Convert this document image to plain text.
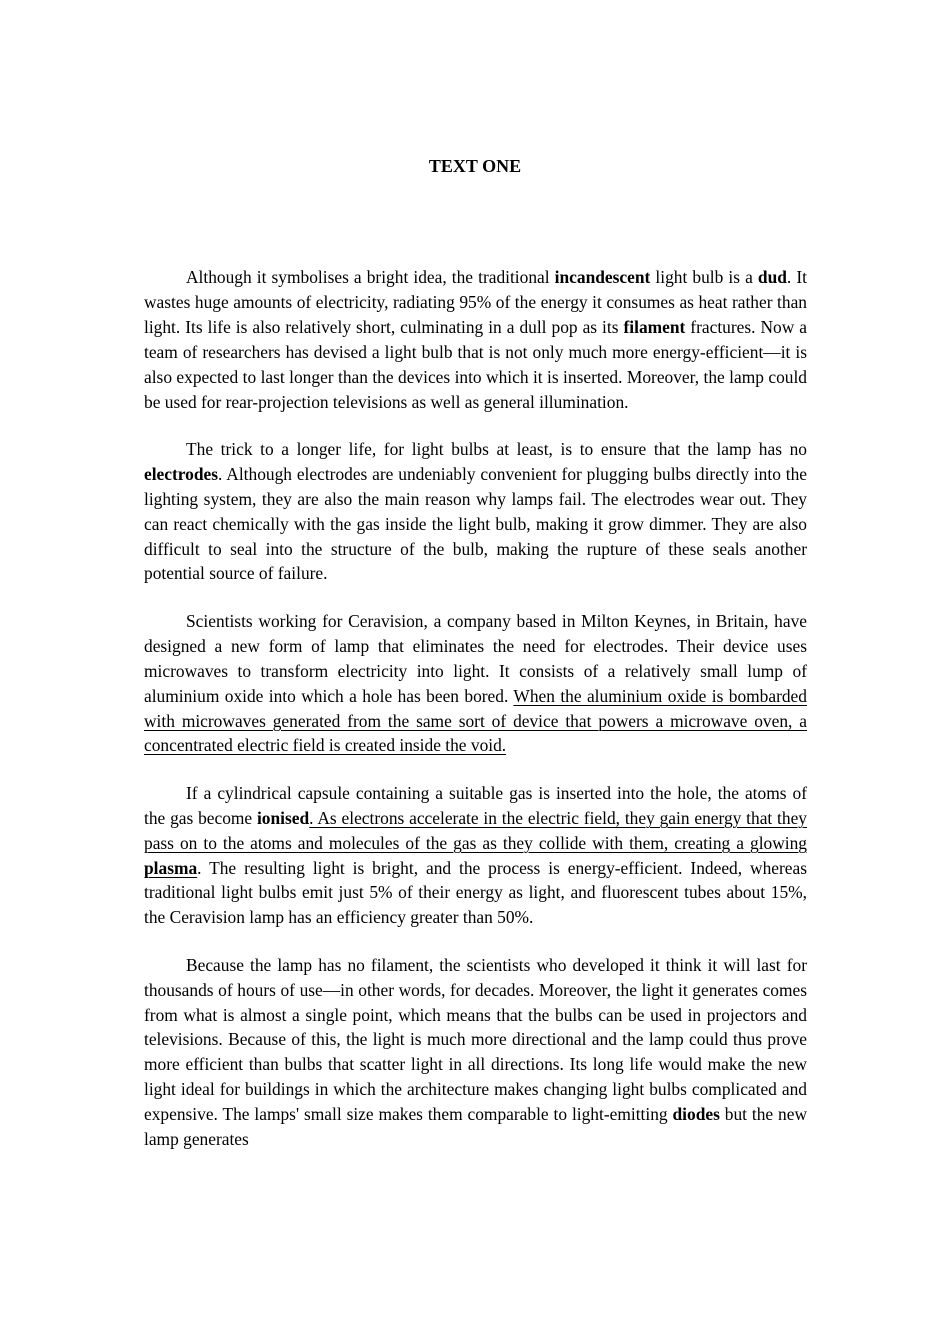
TEXT ONE

Although it symbolises a bright idea, the traditional incandescent light bulb is a dud. It wastes huge amounts of electricity, radiating 95% of the energy it consumes as heat rather than light. Its life is also relatively short, culminating in a dull pop as its filament fractures. Now a team of researchers has devised a light bulb that is not only much more energy-efficient—it is also expected to last longer than the devices into which it is inserted. Moreover, the lamp could be used for rear-projection televisions as well as general illumination.

The trick to a longer life, for light bulbs at least, is to ensure that the lamp has no electrodes. Although electrodes are undeniably convenient for plugging bulbs directly into the lighting system, they are also the main reason why lamps fail. The electrodes wear out. They can react chemically with the gas inside the light bulb, making it grow dimmer. They are also difficult to seal into the structure of the bulb, making the rupture of these seals another potential source of failure.

Scientists working for Ceravision, a company based in Milton Keynes, in Britain, have designed a new form of lamp that eliminates the need for electrodes. Their device uses microwaves to transform electricity into light. It consists of a relatively small lump of aluminium oxide into which a hole has been bored. When the aluminium oxide is bombarded with microwaves generated from the same sort of device that powers a microwave oven, a concentrated electric field is created inside the void.

If a cylindrical capsule containing a suitable gas is inserted into the hole, the atoms of the gas become ionised. As electrons accelerate in the electric field, they gain energy that they pass on to the atoms and molecules of the gas as they collide with them, creating a glowing plasma. The resulting light is bright, and the process is energy-efficient. Indeed, whereas traditional light bulbs emit just 5% of their energy as light, and fluorescent tubes about 15%, the Ceravision lamp has an efficiency greater than 50%.

Because the lamp has no filament, the scientists who developed it think it will last for thousands of hours of use—in other words, for decades. Moreover, the light it generates comes from what is almost a single point, which means that the bulbs can be used in projectors and televisions. Because of this, the light is much more directional and the lamp could thus prove more efficient than bulbs that scatter light in all directions. Its long life would make the new light ideal for buildings in which the architecture makes changing light bulbs complicated and expensive. The lamps' small size makes them comparable to light-emitting diodes but the new lamp generates
